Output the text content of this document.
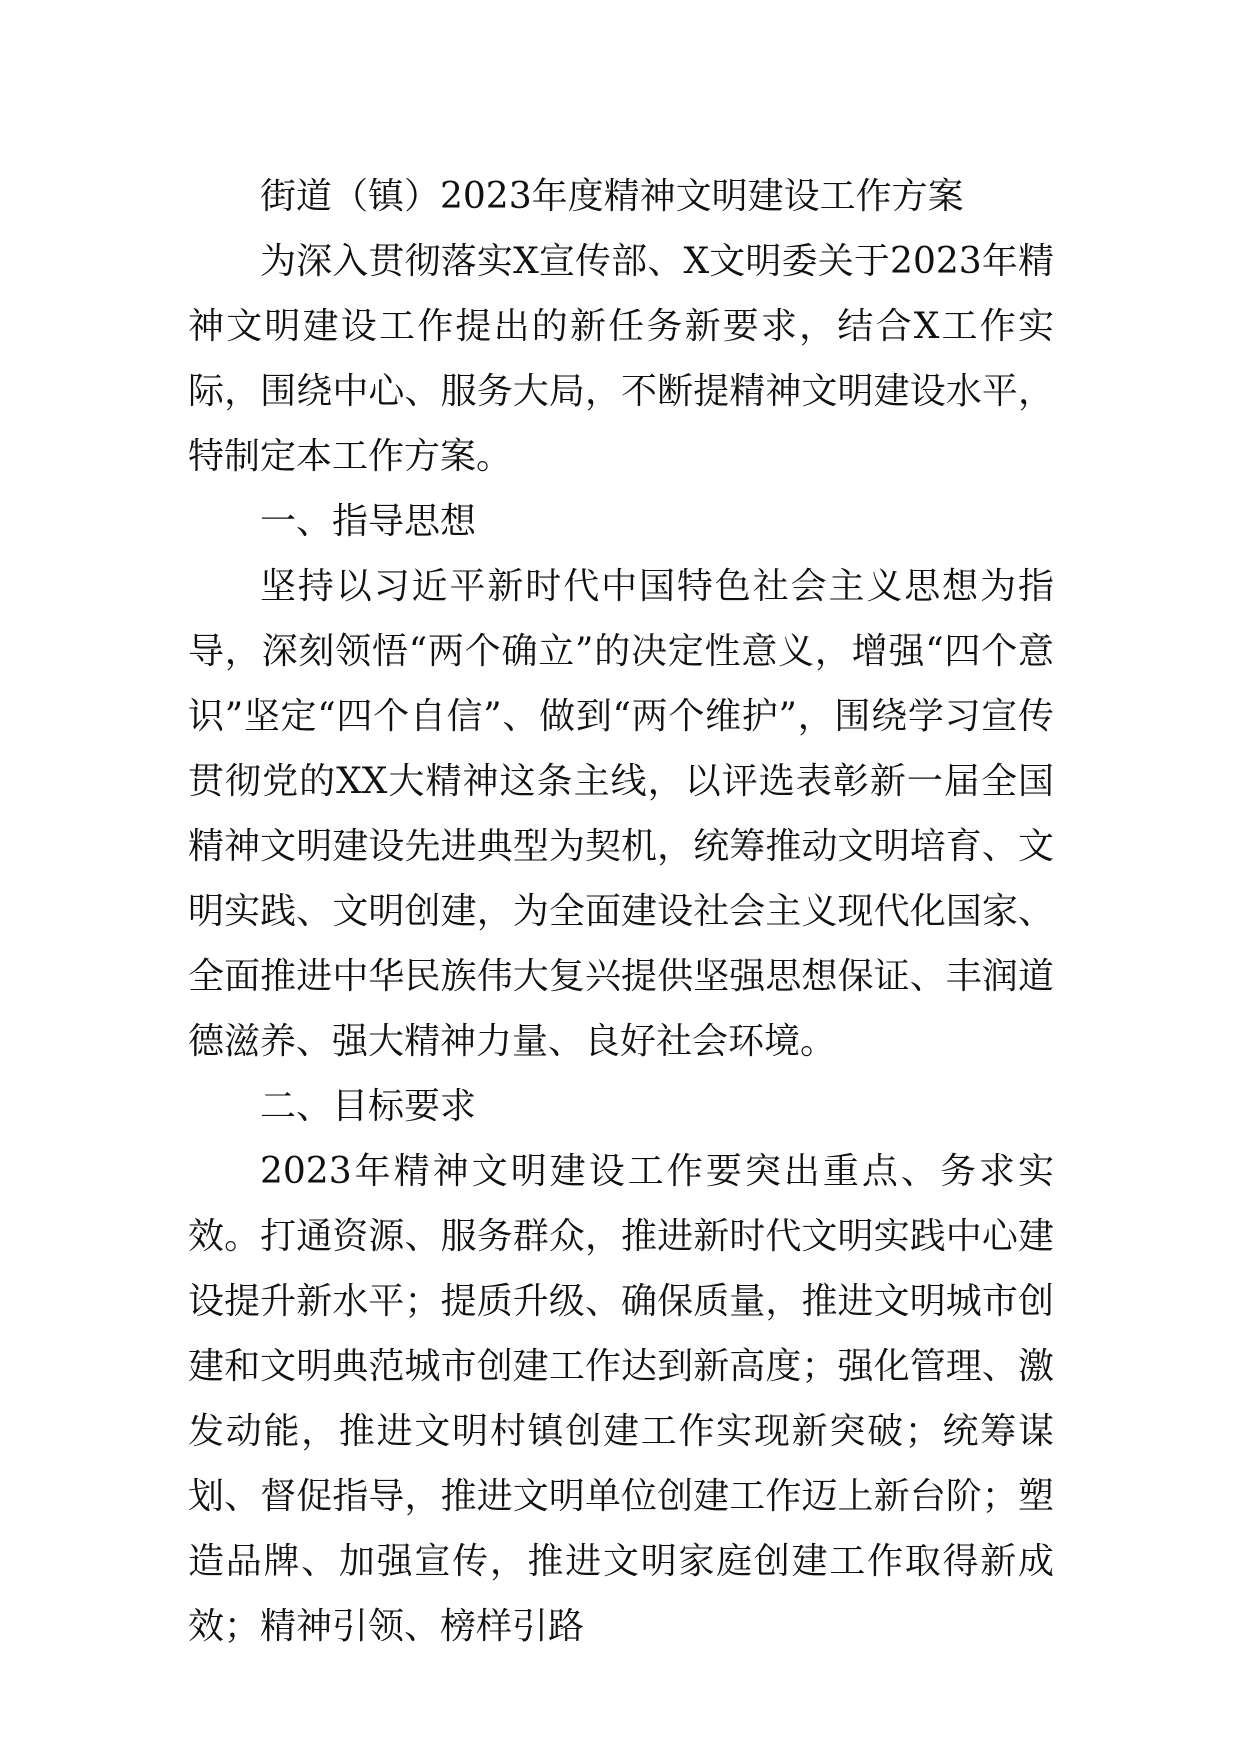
街道（镇）2023年度精神文明建设工作方案

为深入贯彻落实X宣传部、X文明委关于2023年精神文明建设工作提出的新任务新要求，结合X工作实际，围绕中心、服务大局，不断提精神文明建设水平，特制定本工作方案。

一、指导思想

坚持以习近平新时代中国特色社会主义思想为指导，深刻领悟“两个确立”的决定性意义，增强“四个意识”坚定“四个自信”、做到“两个维护”，围绕学习宣传贯彻党的XX大精神这条主线，以评选表彰新一届全国精神文明建设先进典型为契机，统筹推动文明培育、文明实践、文明创建，为全面建设社会主义现代化国家、全面推进中华民族伟大复兴提供坚强思想保证、丰润道德滋养、强大精神力量、良好社会环境。

二、目标要求

2023年精神文明建设工作要突出重点、务求实效。打通资源、服务群众，推进新时代文明实践中心建设提升新水平；提质升级、确保质量，推进文明城市创建和文明典范城市创建工作达到新高度；强化管理、激发动能，推进文明村镇创建工作实现新突破；统筹谋划、督促指导，推进文明单位创建工作迈上新台阶；塑造品牌、加强宣传，推进文明家庭创建工作取得新成效；精神引领、榜样引路
